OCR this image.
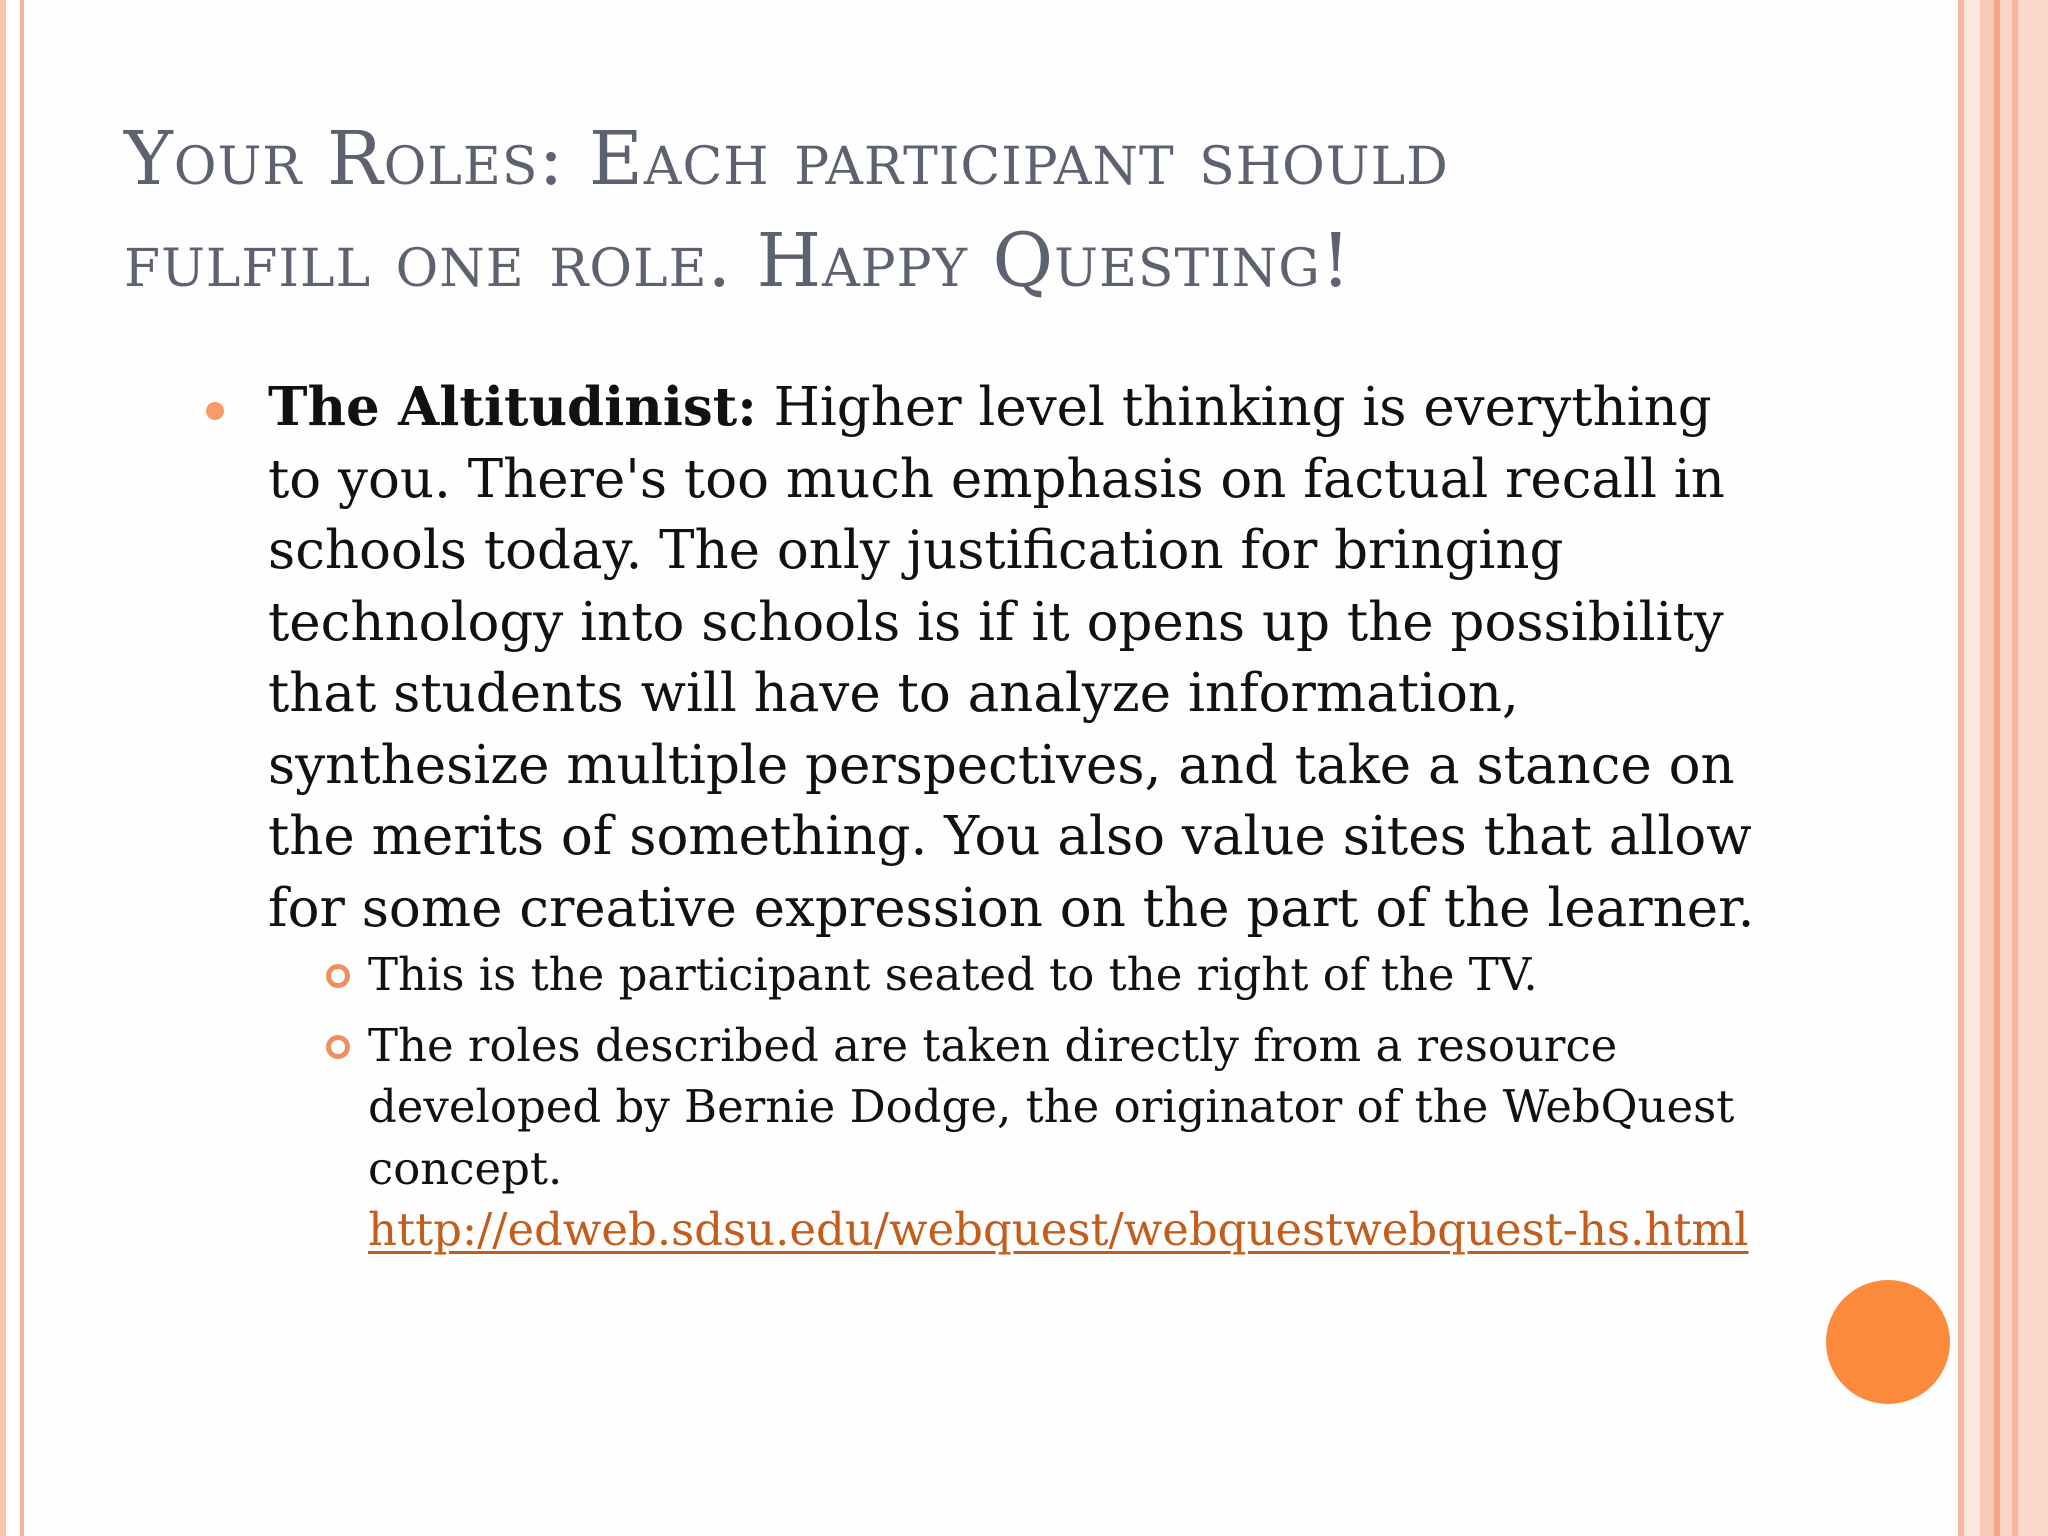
Your Roles: Each participant should
fulfill one role. Happy Questing!
The Altitudinist: Higher level thinking is everything to you. There's too much emphasis on factual recall in schools today. The only justification for bringing technology into schools is if it opens up the possibility that students will have to analyze information, synthesize multiple perspectives, and take a stance on the merits of something. You also value sites that allow for some creative expression on the part of the learner.
This is the participant seated to the right of the TV.
The roles described are taken directly from a resource developed by Bernie Dodge, the originator of the WebQuest concept.
http://edweb.sdsu.edu/webquest/webquestwebquest-hs.html
